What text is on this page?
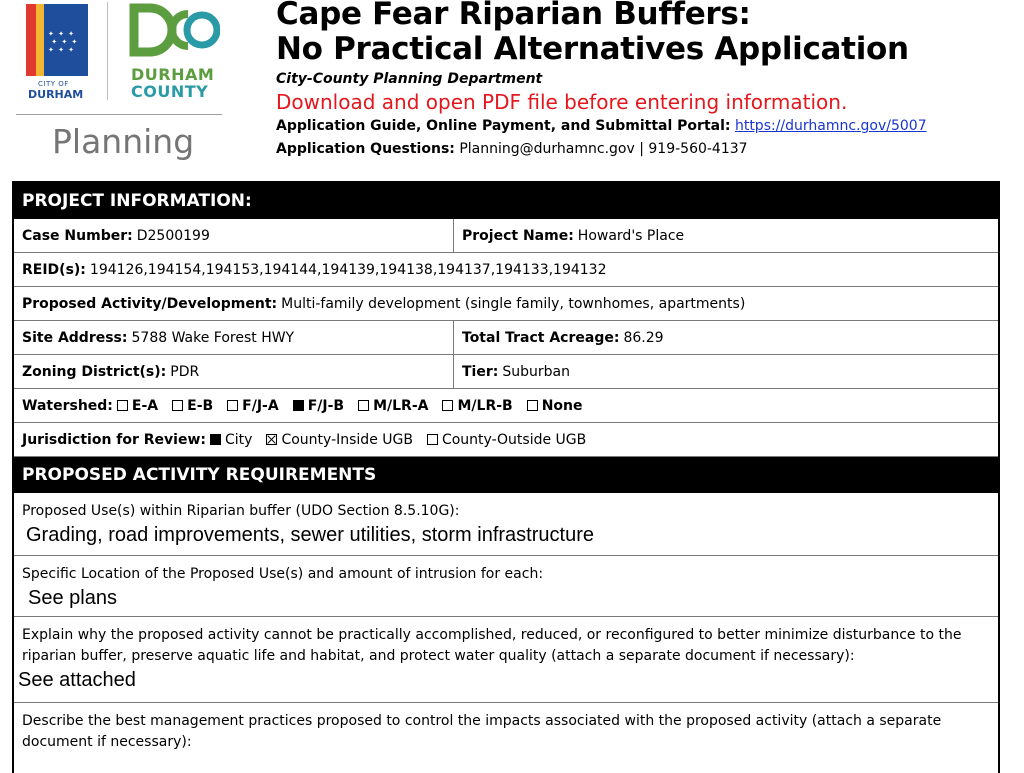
✦ ✦ ✦
✦ ✦ ✦
✦ ✦ ✦
CITY OF
DURHAM
DURHAM
COUNTY
Planning
Cape Fear Riparian Buffers:
No Practical Alternatives Application
City-County Planning Department
Download and open PDF file before entering information.
Application Guide, Online Payment, and Submittal Portal: https://durhamnc.gov/5007
Application Questions: Planning@durhamnc.gov | 919-560-4137
PROJECT INFORMATION:
Case Number: D2500199	Project Name: Howard's Place
REID(s): 194126,194154,194153,194144,194139,194138,194137,194133,194132
Proposed Activity/Development: Multi-family development (single family, townhomes, apartments)
Site Address: 5788 Wake Forest HWY	Total Tract Acreage: 86.29
Zoning District(s): PDR	Tier: Suburban
Watershed: E-A E-B F/J-A F/J-B M/LR-A M/LR-B None
Jurisdiction for Review: City County-Inside UGB County-Outside UGB
PROPOSED ACTIVITY REQUIREMENTS
Proposed Use(s) within Riparian buffer (UDO Section 8.5.10G):
Grading, road improvements, sewer utilities, storm infrastructure
Specific Location of the Proposed Use(s) and amount of intrusion for each:
See plans
Explain why the proposed activity cannot be practically accomplished, reduced, or reconfigured to better minimize disturbance to the riparian buffer, preserve aquatic life and habitat, and protect water quality (attach a separate document if necessary):
See attached
Describe the best management practices proposed to control the impacts associated with the proposed activity (attach a separate document if necessary):
